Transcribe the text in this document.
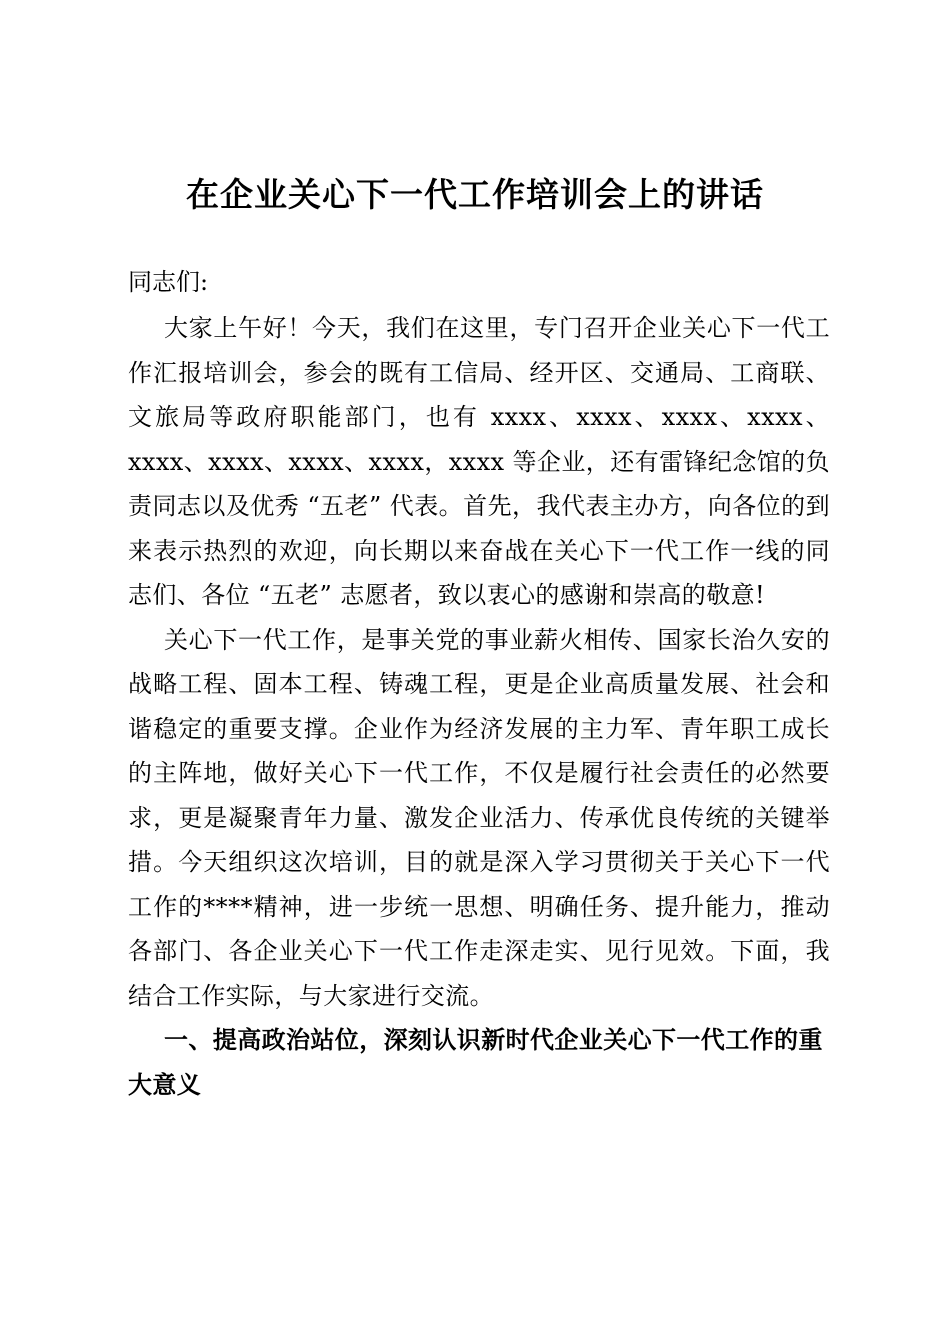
在企业关心下一代工作培训会上的讲话

同志们:

大家上午好！今天，我们在这里，专门召开企业关心下一代工作汇报培训会，参会的既有工信局、经开区、交通局、工商联、文旅局等政府职能部门，也有 xxxx、xxxx、xxxx、xxxx、xxxx、xxxx、xxxx、xxxx，xxxx 等企业，还有雷锋纪念馆的负责同志以及优秀 “五老” 代表。首先，我代表主办方，向各位的到来表示热烈的欢迎，向长期以来奋战在关心下一代工作一线的同志们、各位 “五老” 志愿者，致以衷心的感谢和崇高的敬意!

关心下一代工作，是事关党的事业薪火相传、国家长治久安的战略工程、固本工程、铸魂工程，更是企业高质量发展、社会和谐稳定的重要支撑。企业作为经济发展的主力军、青年职工成长的主阵地，做好关心下一代工作，不仅是履行社会责任的必然要求，更是凝聚青年力量、激发企业活力、传承优良传统的关键举措。今天组织这次培训，目的就是深入学习贯彻关于关心下一代工作的****精神，进一步统一思想、明确任务、提升能力，推动各部门、各企业关心下一代工作走深走实、见行见效。下面，我结合工作实际，与大家进行交流。

一、提高政治站位，深刻认识新时代企业关心下一代工作的重大意义
